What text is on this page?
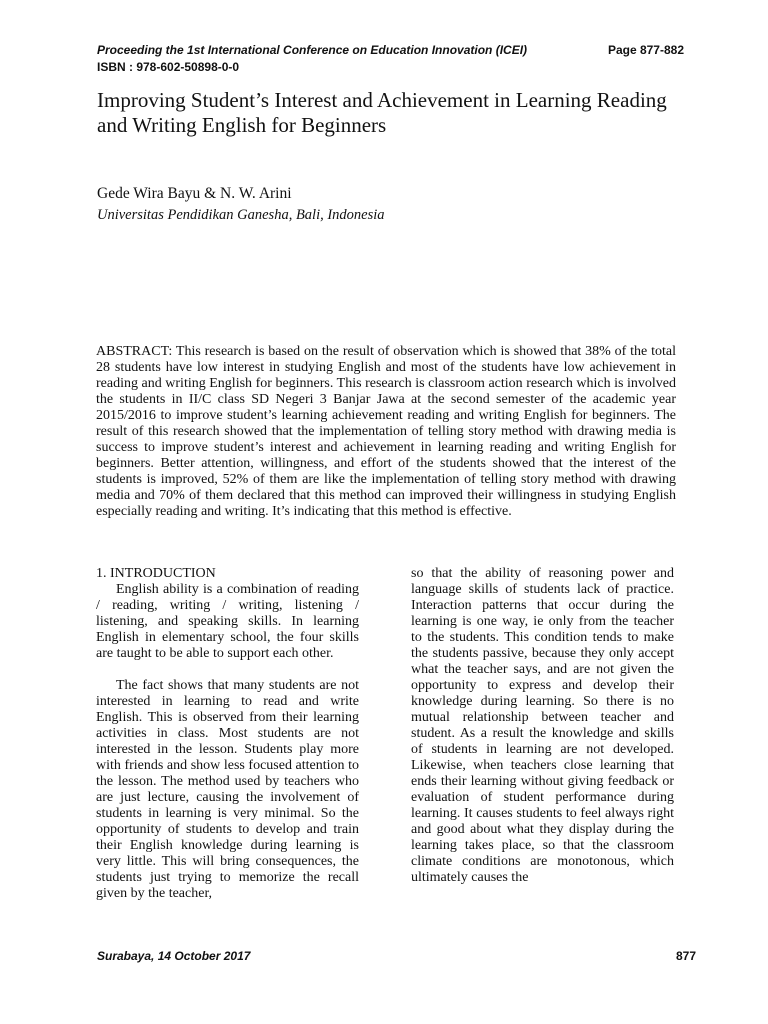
Proceeding the 1st International Conference on Education Innovation (ICEI)	Page 877-882
ISBN : 978-602-50898-0-0
Improving Student’s Interest and Achievement in Learning Reading and Writing English for Beginners
Gede Wira Bayu & N. W. Arini
Universitas Pendidikan Ganesha, Bali, Indonesia

ABSTRACT: This research is based on the result of observation which is showed that 38% of the total 28 students have low interest in studying English and most of the students have low achievement in reading and writing English for beginners. This research is classroom action research which is involved the students in II/C class SD Negeri 3 Banjar Jawa at the second semester of the academic year 2015/2016 to improve student’s learning achievement reading and writing English for beginners. The result of this research showed that the implementation of telling story method with drawing media is success to improve student’s interest and achievement in learning reading and writing English for beginners. Better attention, willingness, and effort of the students showed that the interest of the students is improved, 52% of them are like the implementation of telling story method with drawing media and 70% of them declared that this method can improved their willingness in studying English especially reading and writing. It’s indicating that this method is effective.

1. INTRODUCTION

English ability is a combination of reading / reading, writing / writing, listening / listening, and speaking skills. In learning English in elementary school, the four skills are taught to be able to support each other.

The fact shows that many students are not interested in learning to read and write English. This is observed from their learning activities in class. Most students are not interested in the lesson. Students play more with friends and show less focused attention to the lesson. The method used by teachers who are just lecture, causing the involvement of students in learning is very minimal. So the opportunity of students to develop and train their English knowledge during learning is very little. This will bring consequences, the students just trying to memorize the recall given by the teacher,

so that the ability of reasoning power and language skills of students lack of practice. Interaction patterns that occur during the learning is one way, ie only from the teacher to the students. This condition tends to make the students passive, because they only accept what the teacher says, and are not given the opportunity to express and develop their knowledge during learning. So there is no mutual relationship between teacher and student. As a result the knowledge and skills of students in learning are not developed. Likewise, when teachers close learning that ends their learning without giving feedback or evaluation of student performance during learning. It causes students to feel always right and good about what they display during the learning takes place, so that the classroom climate conditions are monotonous, which ultimately causes the

Surabaya, 14 October 2017	877
